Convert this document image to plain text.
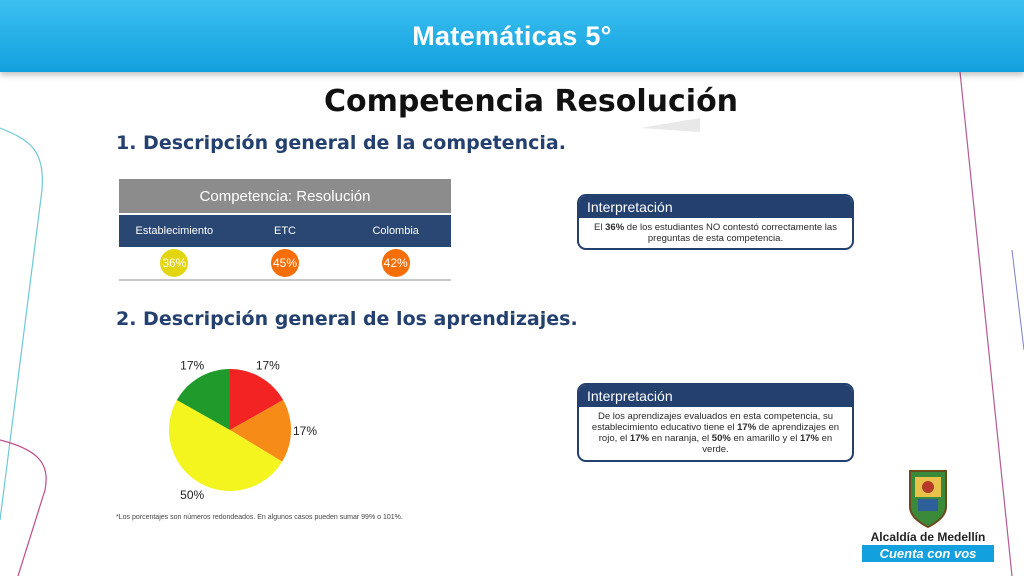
Matemáticas 5°
Competencia Resolución
1. Descripción general de la competencia.
Competencia: Resolución
Establecimiento	ETC	Colombia
36%	45%	42%
Interpretación
El 36% de los estudiantes NO contestó correctamente las preguntas de esta competencia.
2. Descripción general de los aprendizajes.
17%
17%
50%
17%
Interpretación
De los aprendizajes evaluados en esta competencia, su establecimiento educativo tiene el 17% de aprendizajes en rojo, el 17% en naranja, el 50% en amarillo y el 17% en verde.
*Los porcentajes son números redondeados. En algunos casos pueden sumar 99% o 101%.
Alcaldía de Medellín
Cuenta con vos
